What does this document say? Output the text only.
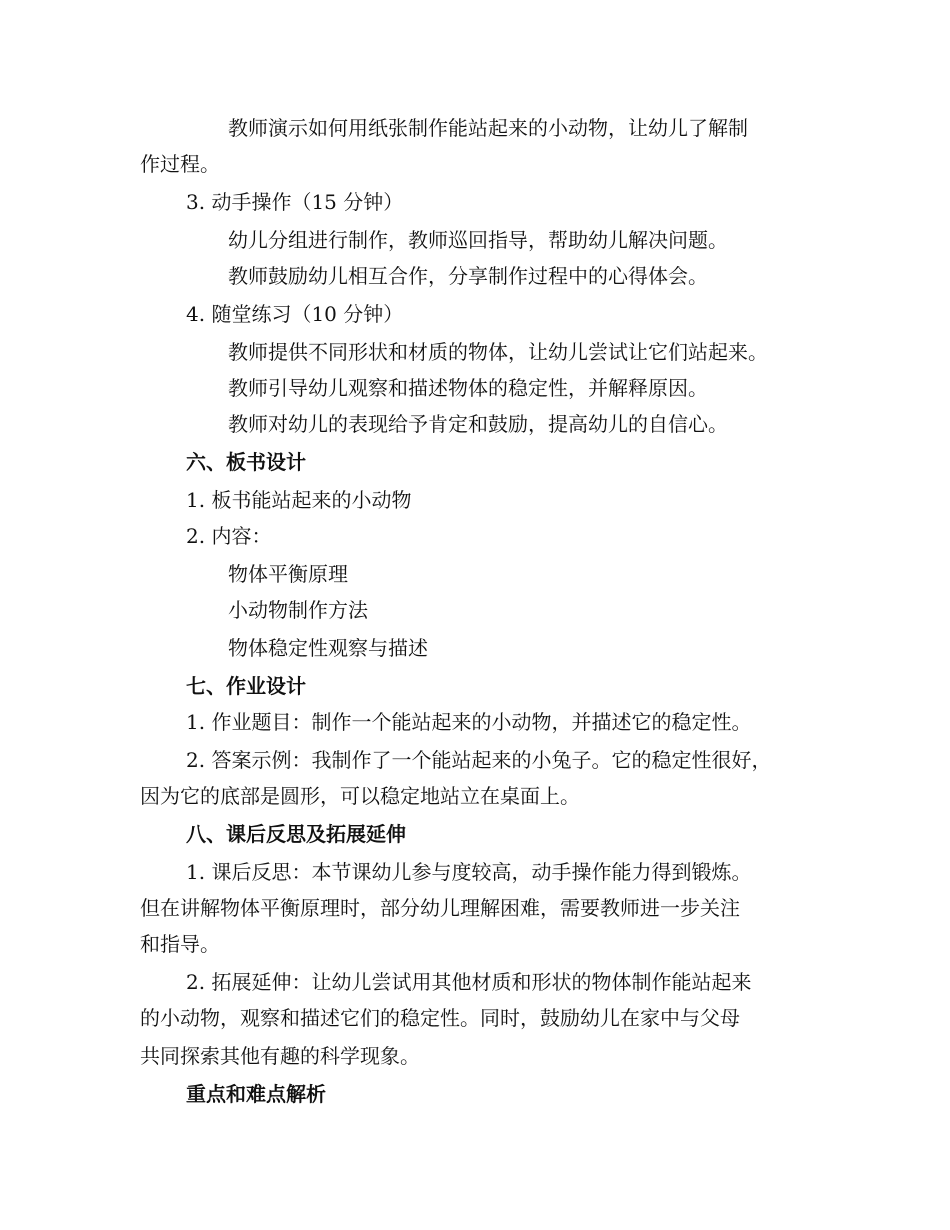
教师演示如何用纸张制作能站起来的小动物，让幼儿了解制

作过程。

3. 动手操作（15 分钟）

幼儿分组进行制作，教师巡回指导，帮助幼儿解决问题。

教师鼓励幼儿相互合作，分享制作过程中的心得体会。

4. 随堂练习（10 分钟）

教师提供不同形状和材质的物体，让幼儿尝试让它们站起来。

教师引导幼儿观察和描述物体的稳定性，并解释原因。

教师对幼儿的表现给予肯定和鼓励，提高幼儿的自信心。

六、板书设计

1. 板书能站起来的小动物

2. 内容：

物体平衡原理

小动物制作方法

物体稳定性观察与描述

七、作业设计

1. 作业题目：制作一个能站起来的小动物，并描述它的稳定性。

2. 答案示例：我制作了一个能站起来的小兔子。它的稳定性很好，

因为它的底部是圆形，可以稳定地站立在桌面上。

八、课后反思及拓展延伸

1. 课后反思：本节课幼儿参与度较高，动手操作能力得到锻炼。

但在讲解物体平衡原理时，部分幼儿理解困难，需要教师进一步关注

和指导。

2. 拓展延伸：让幼儿尝试用其他材质和形状的物体制作能站起来

的小动物，观察和描述它们的稳定性。同时，鼓励幼儿在家中与父母

共同探索其他有趣的科学现象。

重点和难点解析
